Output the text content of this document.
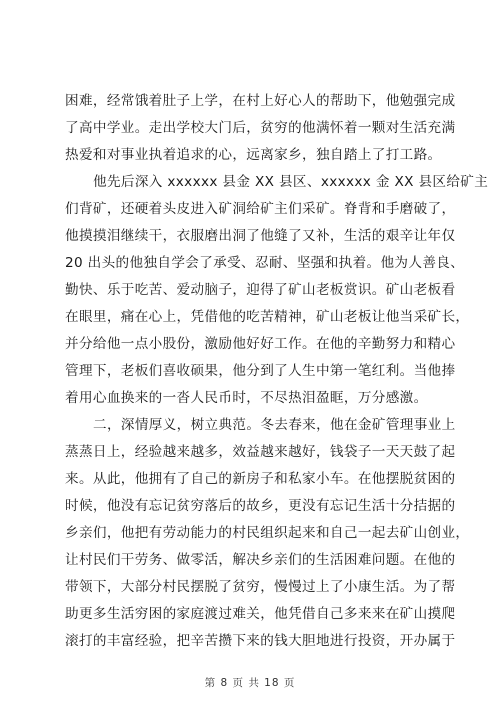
困难，经常饿着肚子上学，在村上好心人的帮助下，他勉强完成
了高中学业。走出学校大门后，贫穷的他满怀着一颗对生活充满
热爱和对事业执着追求的心，远离家乡，独自踏上了打工路。
他先后深入 xxxxxx 县金 XX 县区、xxxxxx 金 XX 县区给矿主
们背矿，还硬着头皮进入矿洞给矿主们采矿。脊背和手磨破了，
他摸摸泪继续干，衣服磨出洞了他缝了又补，生活的艰辛让年仅
20 出头的他独自学会了承受、忍耐、坚强和执着。他为人善良、
勤快、乐于吃苦、爱动脑子，迎得了矿山老板赏识。矿山老板看
在眼里，痛在心上，凭借他的吃苦精神，矿山老板让他当采矿长，
并分给他一点小股份，激励他好好工作。在他的辛勤努力和精心
管理下，老板们喜收硕果，他分到了人生中第一笔红利。当他捧
着用心血换来的一沓人民币时，不尽热泪盈眶，万分感激。
二，深情厚义，树立典范。冬去春来，他在金矿管理事业上
蒸蒸日上，经验越来越多，效益越来越好，钱袋子一天天鼓了起
来。从此，他拥有了自己的新房子和私家小车。在他摆脱贫困的
时候，他没有忘记贫穷落后的故乡，更没有忘记生活十分拮据的
乡亲们，他把有劳动能力的村民组织起来和自己一起去矿山创业，
让村民们干劳务、做零活，解决乡亲们的生活困难问题。在他的
带领下，大部分村民摆脱了贫穷，慢慢过上了小康生活。为了帮
助更多生活穷困的家庭渡过难关，他凭借自己多来来在矿山摸爬
滚打的丰富经验，把辛苦攒下来的钱大胆地进行投资，开办属于
第 8 页 共 18 页
